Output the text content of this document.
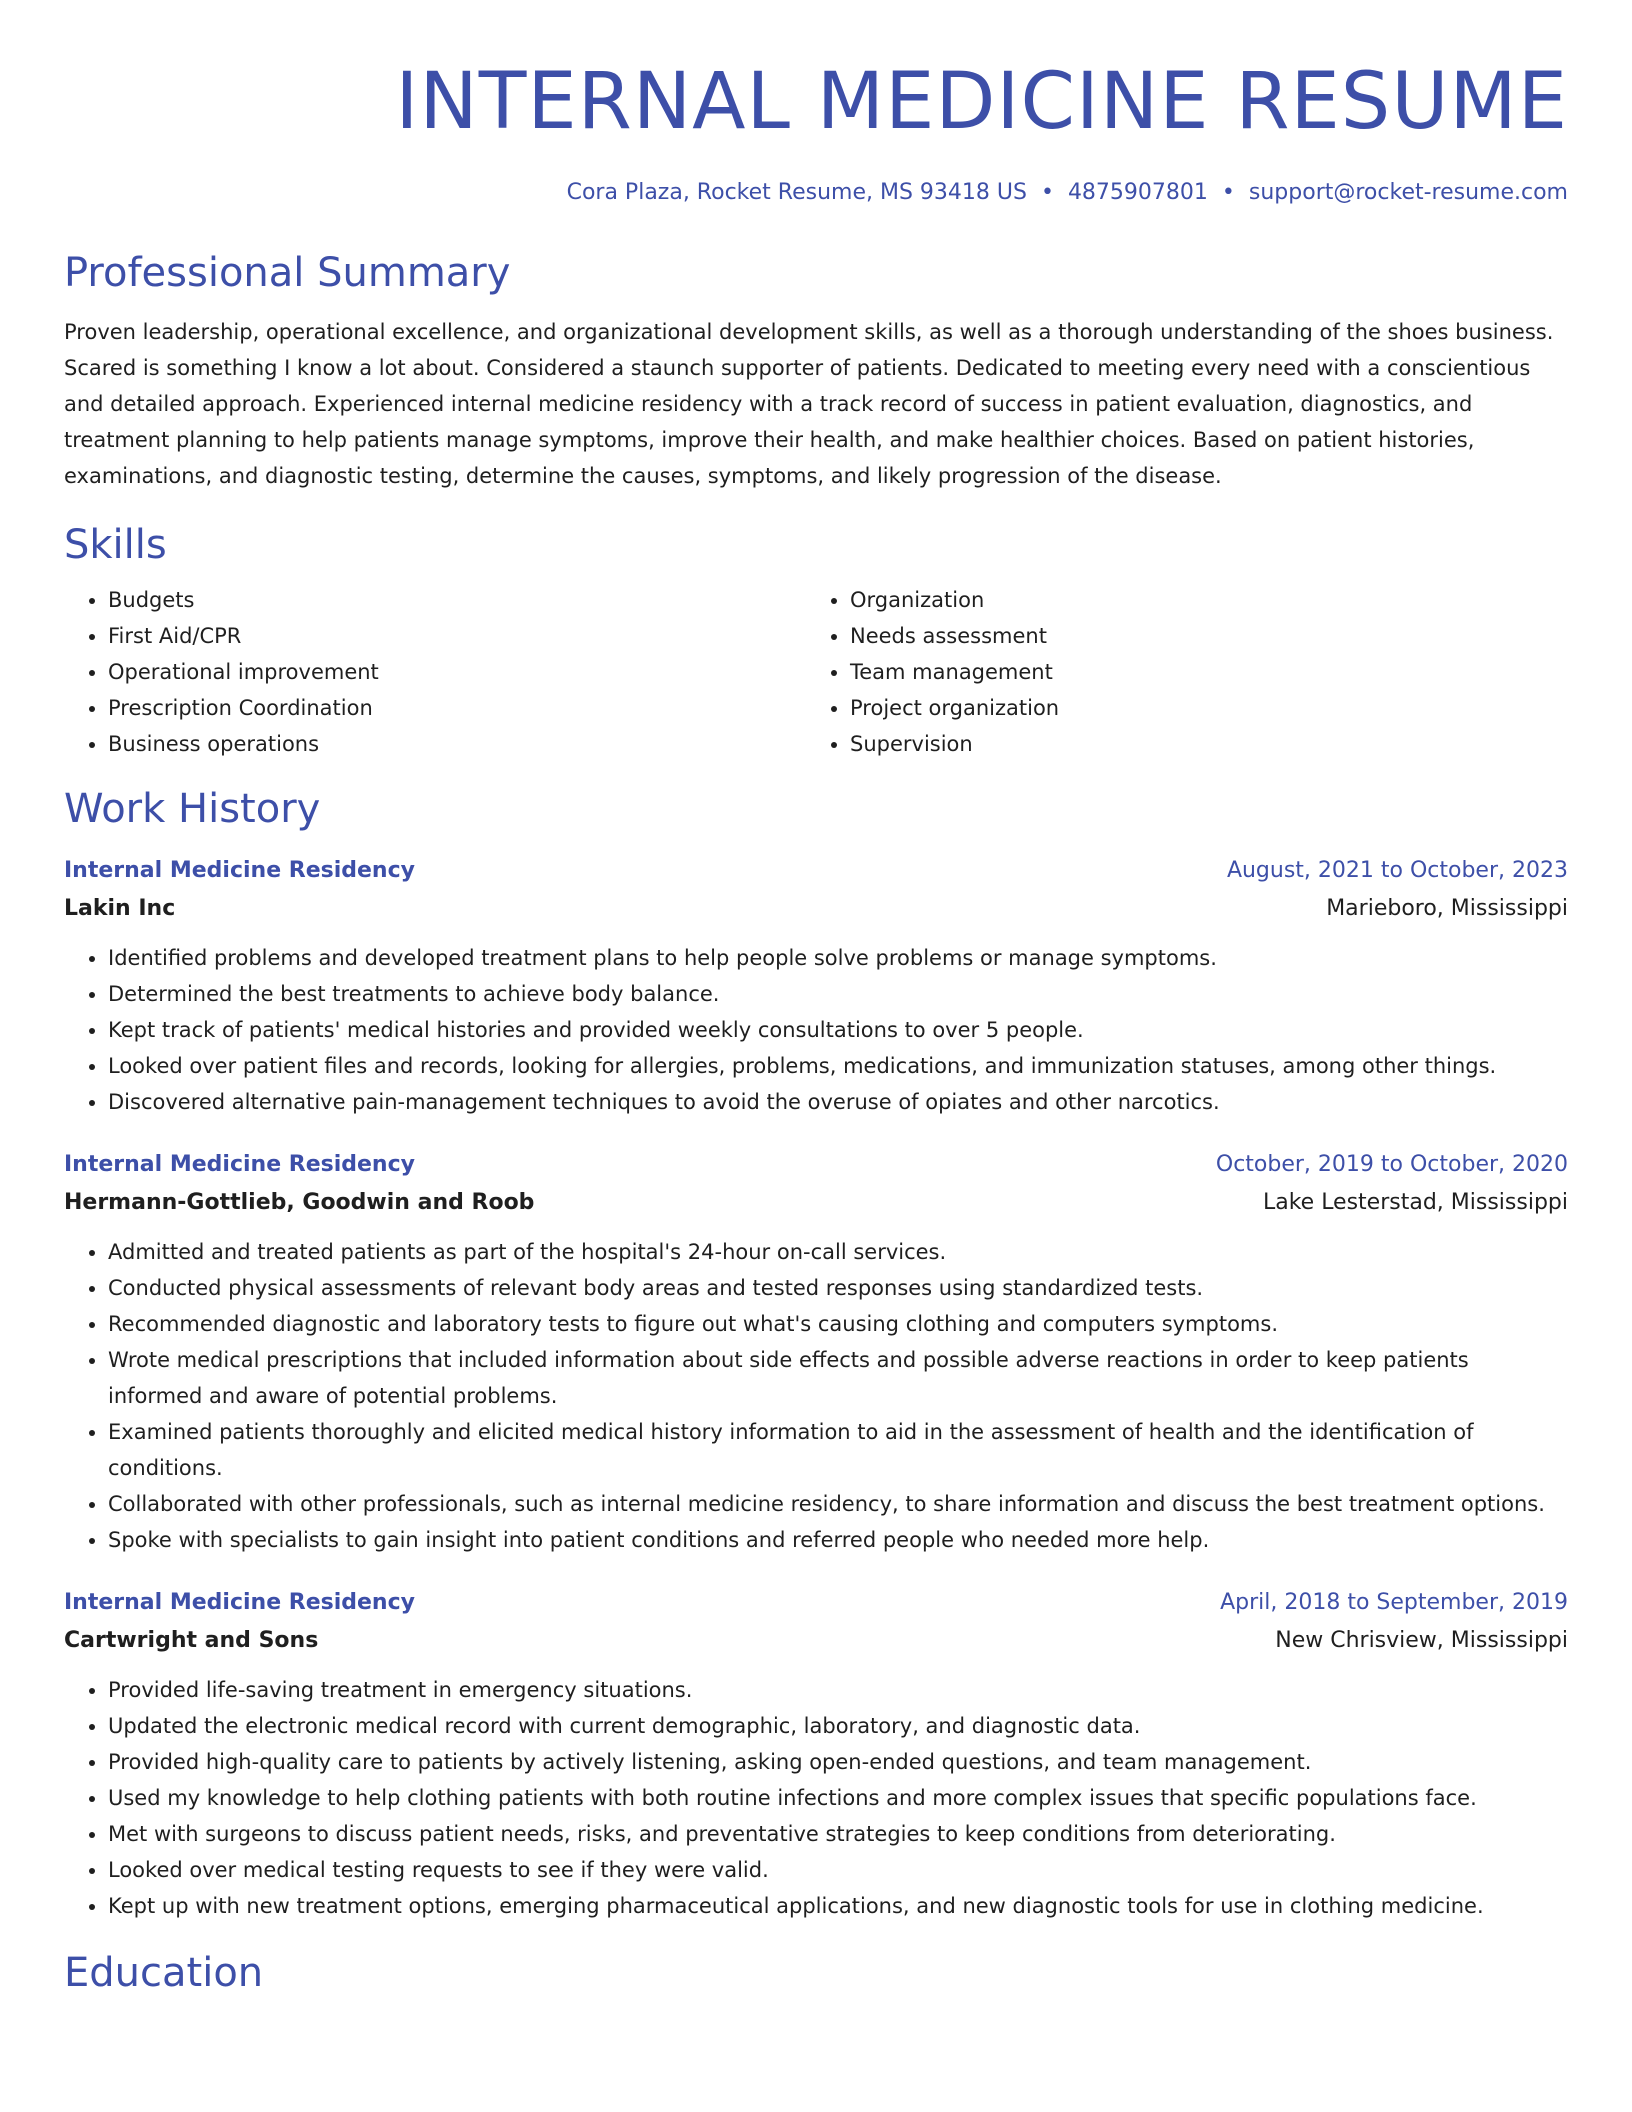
INTERNAL MEDICINE RESUME
Cora Plaza, Rocket Resume, MS 93418 US • 4875907801 • support@rocket-resume.com
Professional Summary

Proven leadership, operational excellence, and organizational development skills, as well as a thorough understanding of the shoes business. Scared is something I know a lot about. Considered a staunch supporter of patients. Dedicated to meeting every need with a conscientious and detailed approach. Experienced internal medicine residency with a track record of success in patient evaluation, diagnostics, and treatment planning to help patients manage symptoms, improve their health, and make healthier choices. Based on patient histories, examinations, and diagnostic testing, determine the causes, symptoms, and likely progression of the disease.

Skills
• Budgets
• First Aid/CPR
• Operational improvement
• Prescription Coordination
• Business operations
• Organization
• Needs assessment
• Team management
• Project organization
• Supervision
Work History
Internal Medicine Residency	August, 2021 to October, 2023
Lakin Inc	Marieboro, Mississippi
• Identified problems and developed treatment plans to help people solve problems or manage symptoms.
• Determined the best treatments to achieve body balance.
• Kept track of patients' medical histories and provided weekly consultations to over 5 people.
• Looked over patient files and records, looking for allergies, problems, medications, and immunization statuses, among other things.
• Discovered alternative pain-management techniques to avoid the overuse of opiates and other narcotics.
Internal Medicine Residency	October, 2019 to October, 2020
Hermann-Gottlieb, Goodwin and Roob	Lake Lesterstad, Mississippi
• Admitted and treated patients as part of the hospital's 24-hour on-call services.
• Conducted physical assessments of relevant body areas and tested responses using standardized tests.
• Recommended diagnostic and laboratory tests to figure out what's causing clothing and computers symptoms.
• Wrote medical prescriptions that included information about side effects and possible adverse reactions in order to keep patients informed and aware of potential problems.
• Examined patients thoroughly and elicited medical history information to aid in the assessment of health and the identification of conditions.
• Collaborated with other professionals, such as internal medicine residency, to share information and discuss the best treatment options.
• Spoke with specialists to gain insight into patient conditions and referred people who needed more help.
Internal Medicine Residency	April, 2018 to September, 2019
Cartwright and Sons	New Chrisview, Mississippi
• Provided life-saving treatment in emergency situations.
• Updated the electronic medical record with current demographic, laboratory, and diagnostic data.
• Provided high-quality care to patients by actively listening, asking open-ended questions, and team management.
• Used my knowledge to help clothing patients with both routine infections and more complex issues that specific populations face.
• Met with surgeons to discuss patient needs, risks, and preventative strategies to keep conditions from deteriorating.
• Looked over medical testing requests to see if they were valid.
• Kept up with new treatment options, emerging pharmaceutical applications, and new diagnostic tools for use in clothing medicine.
Education
